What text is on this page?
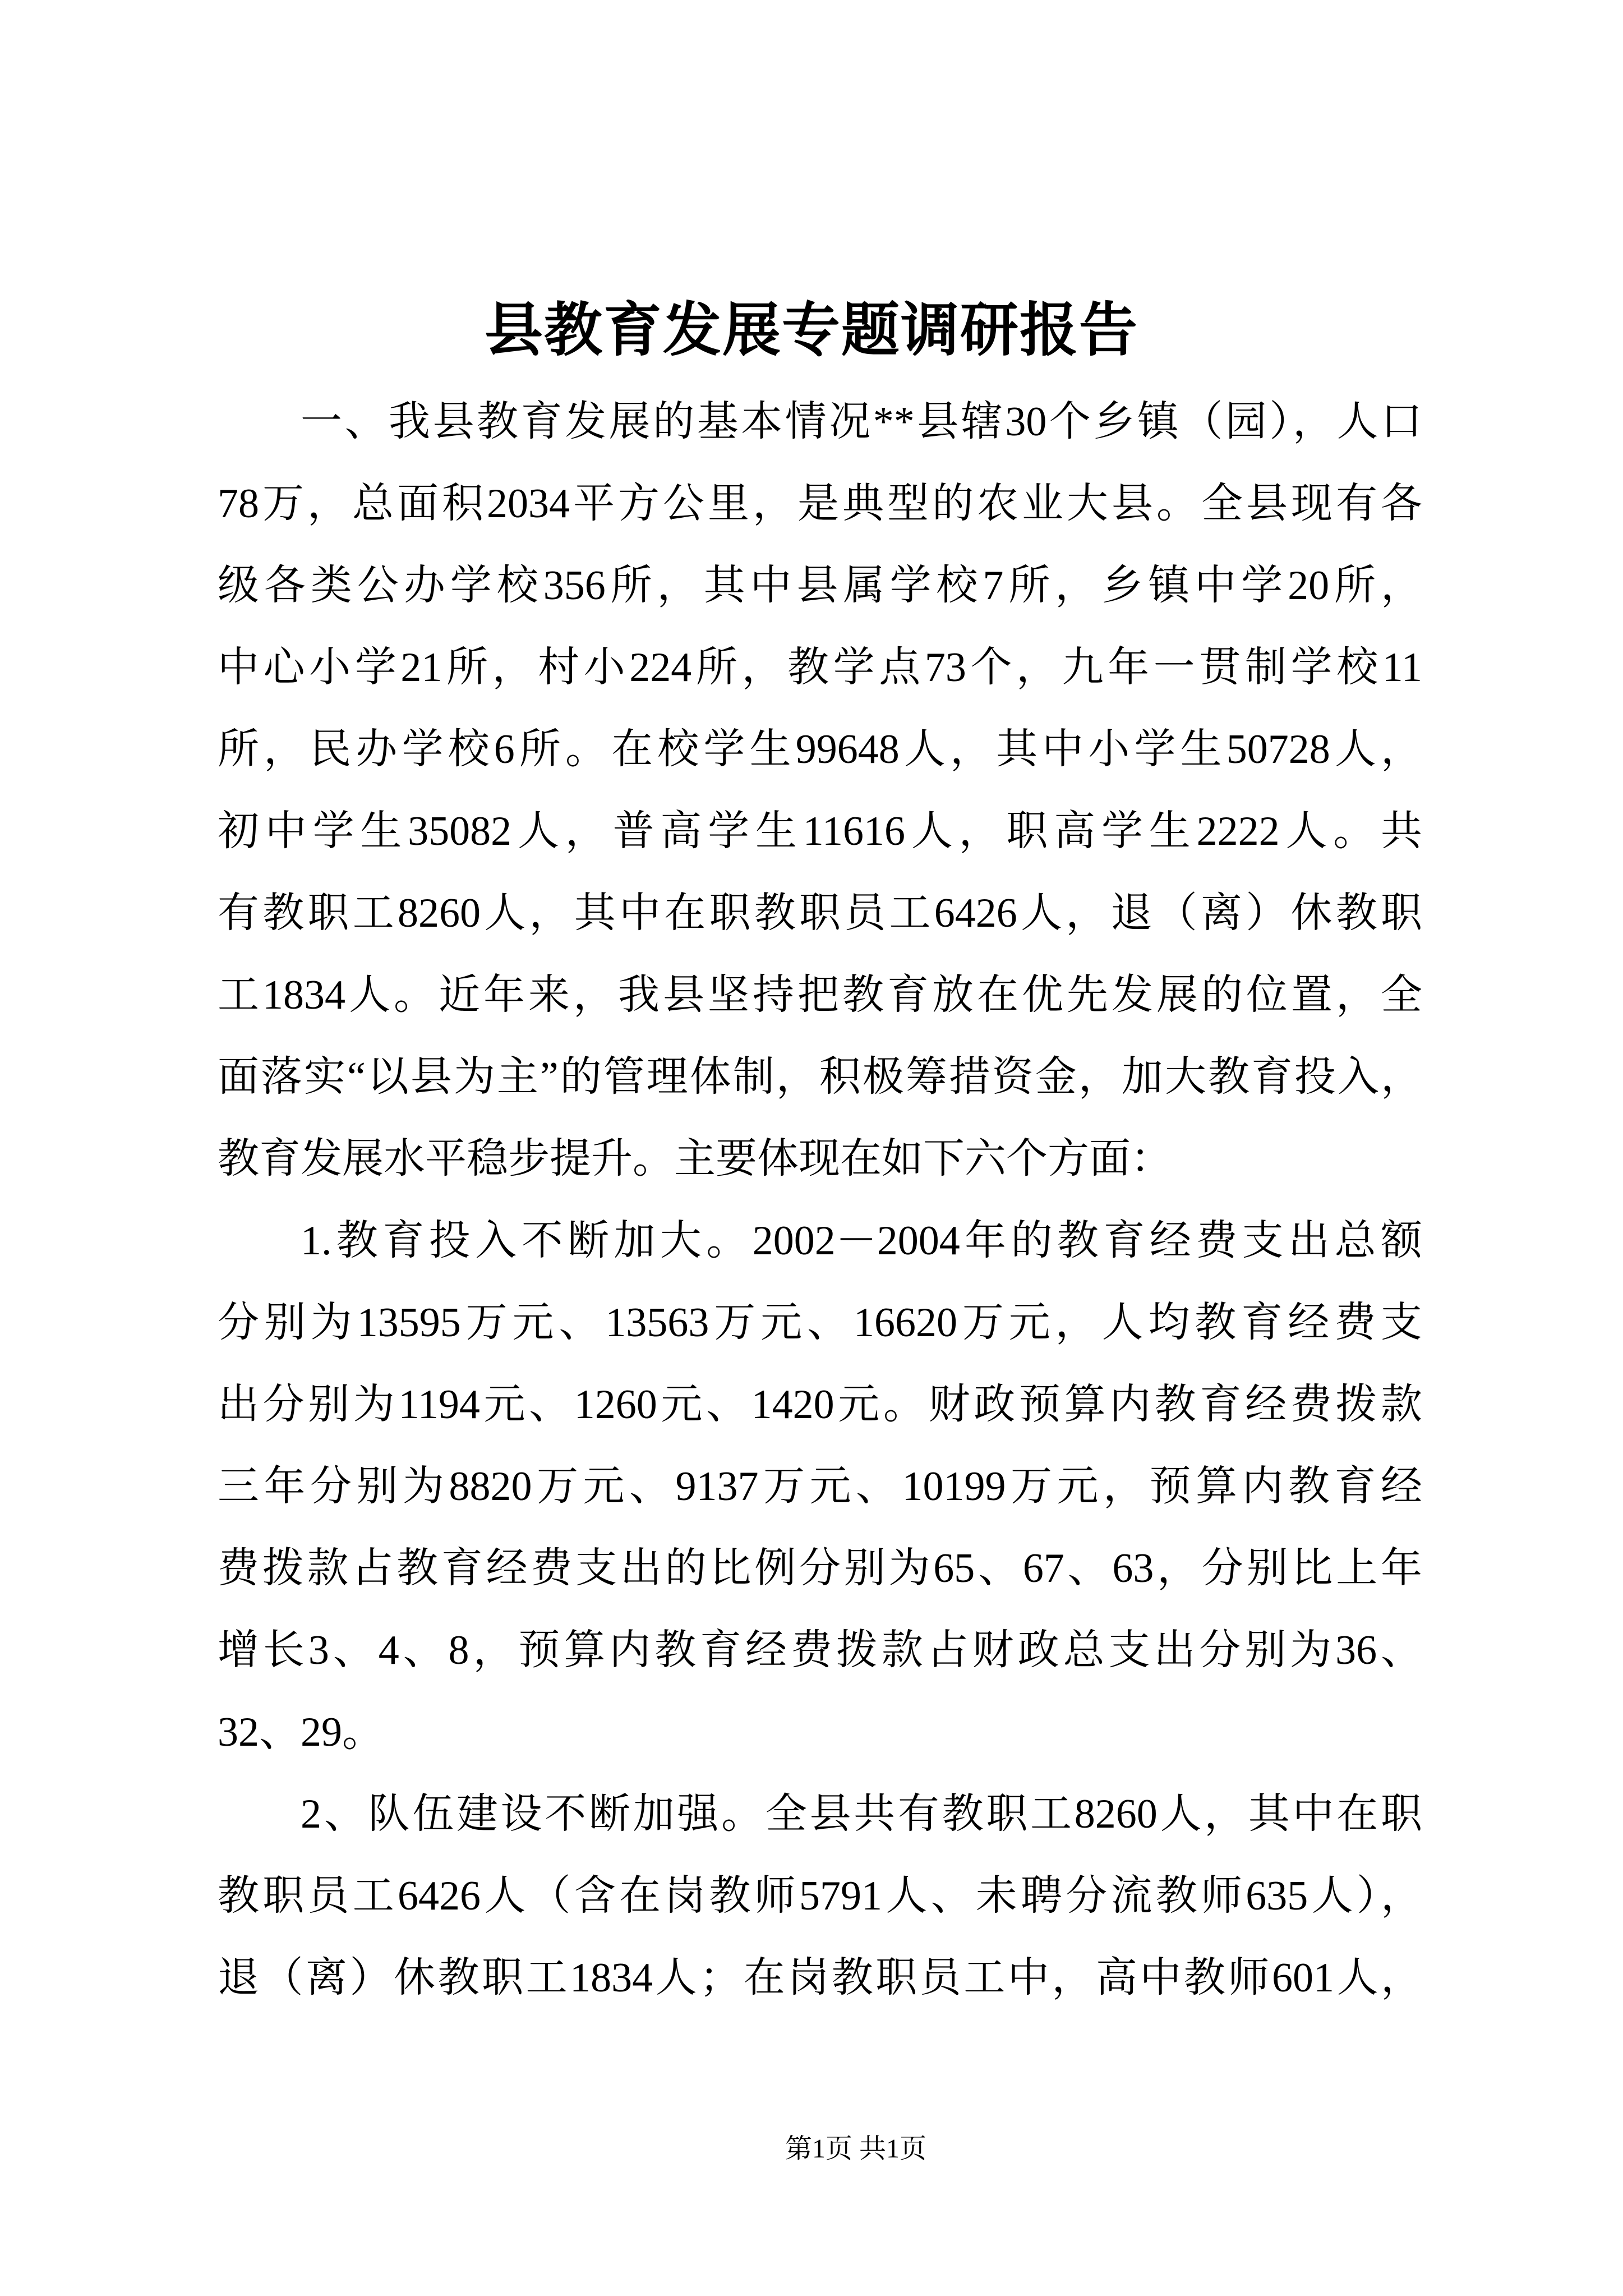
县教育发展专题调研报告
一、我县教育发展的基本情况**县辖30个乡镇（园），人口
78万，总面积2034平方公里，是典型的农业大县。全县现有各
级各类公办学校356所，其中县属学校7所，乡镇中学20所，
中心小学21所，村小224所，教学点73个，九年一贯制学校11
所，民办学校6所。在校学生99648人，其中小学生50728人，
初中学生35082人，普高学生11616人，职高学生2222人。共
有教职工8260人，其中在职教职员工6426人，退（离）休教职
工1834人。近年来，我县坚持把教育放在优先发展的位置，全
面落实“以县为主”的管理体制，积极筹措资金，加大教育投入，
教育发展水平稳步提升。主要体现在如下六个方面：
1.教育投入不断加大。2002－2004年的教育经费支出总额
分别为13595万元、13563万元、16620万元，人均教育经费支
出分别为1194元、1260元、1420元。财政预算内教育经费拨款
三年分别为8820万元、9137万元、10199万元，预算内教育经
费拨款占教育经费支出的比例分别为65、67、63，分别比上年
增长3、4、8，预算内教育经费拨款占财政总支出分别为36、
32、29。
2、队伍建设不断加强。全县共有教职工8260人，其中在职
教职员工6426人（含在岗教师5791人、未聘分流教师635人），
退（离）休教职工1834人；在岗教职员工中，高中教师601人，
第1页 共1页
